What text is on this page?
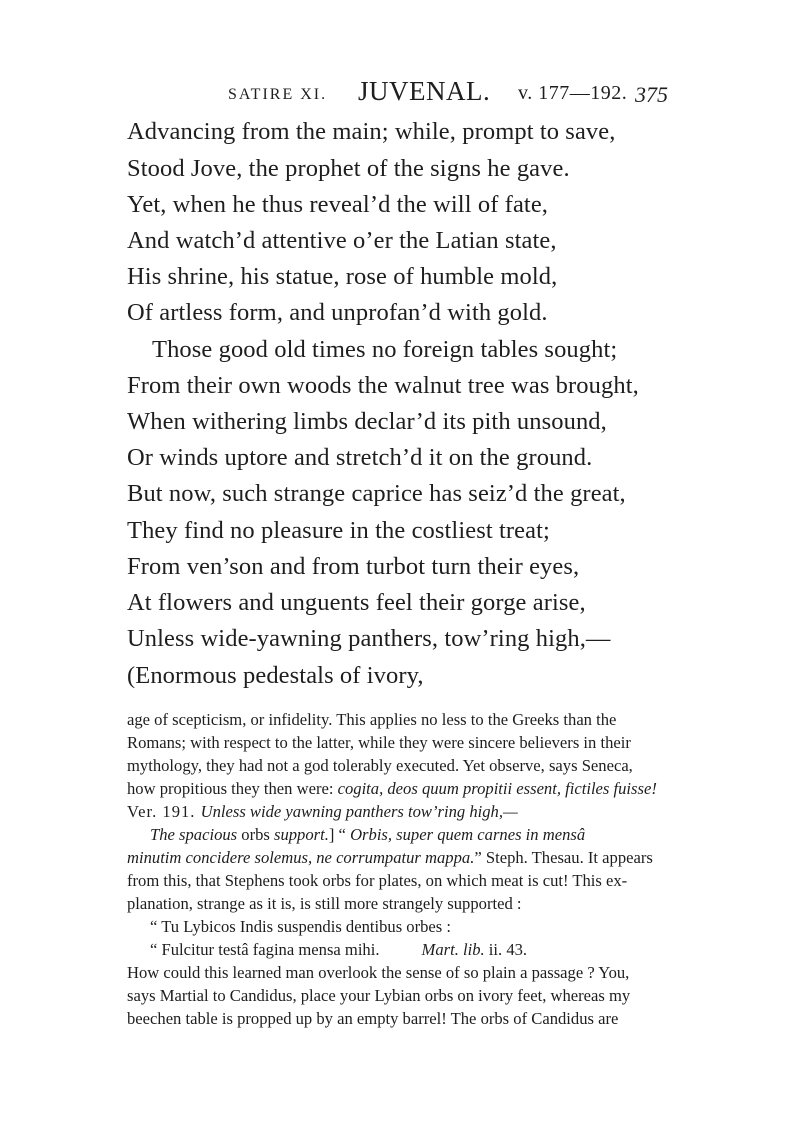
SATIRE XI. JUVENAL. v. 177—192. 375
Advancing from the main; while, prompt to save,
Stood Jove, the prophet of the signs he gave.
Yet, when he thus reveal’d the will of fate,
And watch’d attentive o’er the Latian state,
His shrine, his statue, rose of humble mold,
Of artless form, and unprofan’d with gold.
Those good old times no foreign tables sought;
From their own woods the walnut tree was brought,
When withering limbs declar’d its pith unsound,
Or winds uptore and stretch’d it on the ground.
But now, such strange caprice has seiz’d the great,
They find no pleasure in the costliest treat;
From ven’son and from turbot turn their eyes,
At flowers and unguents feel their gorge arise,
Unless wide-yawning panthers, tow’ring high,—
(Enormous pedestals of ivory,
age of scepticism, or infidelity. This applies no less to the Greeks than the
Romans; with respect to the latter, while they were sincere believers in their
mythology, they had not a god tolerably executed. Yet observe, says Seneca,
how propitious they then were: cogita, deos quum propitii essent, fictiles fuisse!
Ver. 191. Unless wide yawning panthers tow’ring high,—
The spacious orbs support.] “ Orbis, super quem carnes in mensâ
minutim concidere solemus, ne corrumpatur mappa.” Steph. Thesau. It appears
from this, that Stephens took orbs for plates, on which meat is cut! This ex-
planation, strange as it is, is still more strangely supported :
“ Tu Lybicos Indis suspendis dentibus orbes :
“ Fulcitur testâ fagina mensa mihi.	Mart. lib. ii. 43.
How could this learned man overlook the sense of so plain a passage ? You,
says Martial to Candidus, place your Lybian orbs on ivory feet, whereas my
beechen table is propped up by an empty barrel! The orbs of Candidus are
